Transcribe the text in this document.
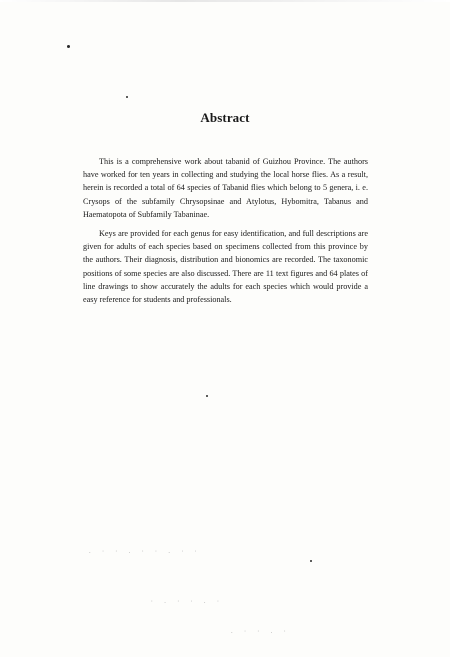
Abstract

This is a comprehensive work about tabanid of Guizhou Province. The authors have worked for ten years in collecting and studying the local horse flies. As a result, herein is recorded a total of 64 species of Tabanid flies which belong to 5 genera, i. e. Crysops of the subfamily Chrysopsinae and Atylotus, Hybomitra, Tabanus and Haematopota of Subfamily Tabaninae.

Keys are provided for each genus for easy identification, and full descriptions are given for adults of each species based on specimens collected from this province by the authors. Their diagnosis, distribution and bionomics are recorded. The taxonomic positions of some species are also discussed. There are 11 text figures and 64 plates of line drawings to show accurately the adults for each species which would provide a easy reference for students and professionals.

. · · . · · . · ·
· . · · . ·
. · · . ·
